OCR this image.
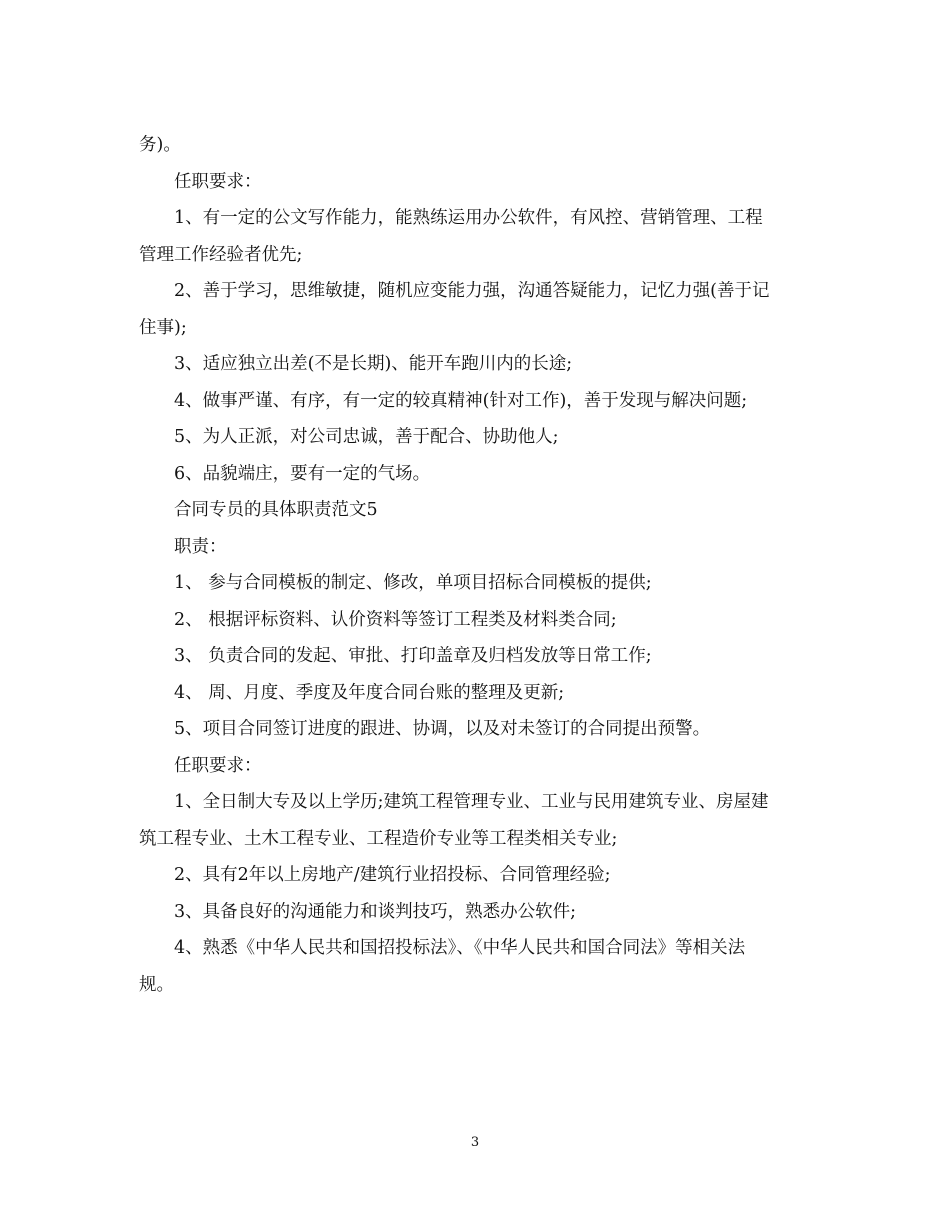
务)。
任职要求：
1、有一定的公文写作能力，能熟练运用办公软件，有风控、营销管理、工程
管理工作经验者优先;
2、善于学习，思维敏捷，随机应变能力强，沟通答疑能力，记忆力强(善于记
住事);
3、适应独立出差(不是长期)、能开车跑川内的长途;
4、做事严谨、有序，有一定的较真精神(针对工作)，善于发现与解决问题;
5、为人正派，对公司忠诚，善于配合、协助他人;
6、品貌端庄，要有一定的气场。
合同专员的具体职责范文5
职责：
1、 参与合同模板的制定、修改，单项目招标合同模板的提供;
2、 根据评标资料、认价资料等签订工程类及材料类合同;
3、 负责合同的发起、审批、打印盖章及归档发放等日常工作;
4、 周、月度、季度及年度合同台账的整理及更新;
5、项目合同签订进度的跟进、协调，以及对未签订的合同提出预警。
任职要求：
1、全日制大专及以上学历;建筑工程管理专业、工业与民用建筑专业、房屋建
筑工程专业、土木工程专业、工程造价专业等工程类相关专业;
2、具有2年以上房地产/建筑行业招投标、合同管理经验;
3、具备良好的沟通能力和谈判技巧，熟悉办公软件;
4、熟悉《中华人民共和国招投标法》、《中华人民共和国合同法》等相关法
规。
3
